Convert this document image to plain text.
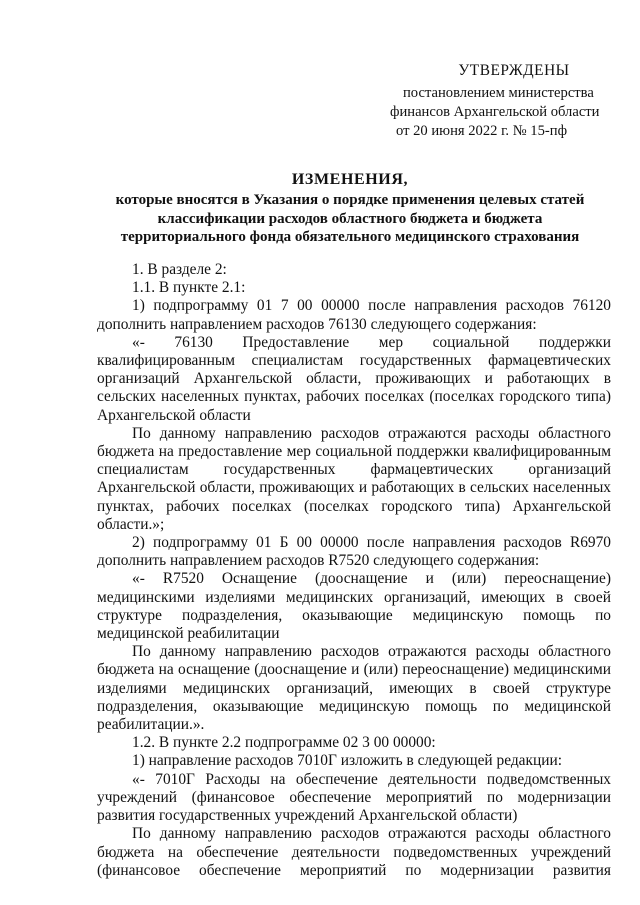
УТВЕРЖДЕНЫ
постановлением министерства
финансов Архангельской области
от 20 июня 2022 г. № 15-пф
ИЗМЕНЕНИЯ,
которые вносятся в Указания о порядке применения целевых статей классификации расходов областного бюджета и бюджета территориального фонда обязательного медицинского страхования

1. В разделе 2:

1.1. В пункте 2.1:

1) подпрограмму 01 7 00 00000 после направления расходов 76120 дополнить направлением расходов 76130 следующего содержания:

«- 76130 Предоставление мер социальной поддержки квалифицированным специалистам государственных фармацевтических организаций Архангельской области, проживающих и работающих в сельских населенных пунктах, рабочих поселках (поселках городского типа) Архангельской области

По данному направлению расходов отражаются расходы областного бюджета на предоставление мер социальной поддержки квалифицированным специалистам государственных фармацевтических организаций Архангельской области, проживающих и работающих в сельских населенных пунктах, рабочих поселках (поселках городского типа) Архангельской области.»;

2) подпрограмму 01 Б 00 00000 после направления расходов R6970 дополнить направлением расходов R7520 следующего содержания:

«- R7520 Оснащение (дооснащение и (или) переоснащение) медицинскими изделиями медицинских организаций, имеющих в своей структуре подразделения, оказывающие медицинскую помощь по медицинской реабилитации

По данному направлению расходов отражаются расходы областного бюджета на оснащение (дооснащение и (или) переоснащение) медицинскими изделиями медицинских организаций, имеющих в своей структуре подразделения, оказывающие медицинскую помощь по медицинской реабилитации.».

1.2. В пункте 2.2 подпрограмме 02 3 00 00000:

1) направление расходов 7010Г изложить в следующей редакции:

«- 7010Г Расходы на обеспечение деятельности подведомственных учреждений (финансовое обеспечение мероприятий по модернизации развития государственных учреждений Архангельской области)

По данному направлению расходов отражаются расходы областного бюджета на обеспечение деятельности подведомственных учреждений (финансовое обеспечение мероприятий по модернизации развития
